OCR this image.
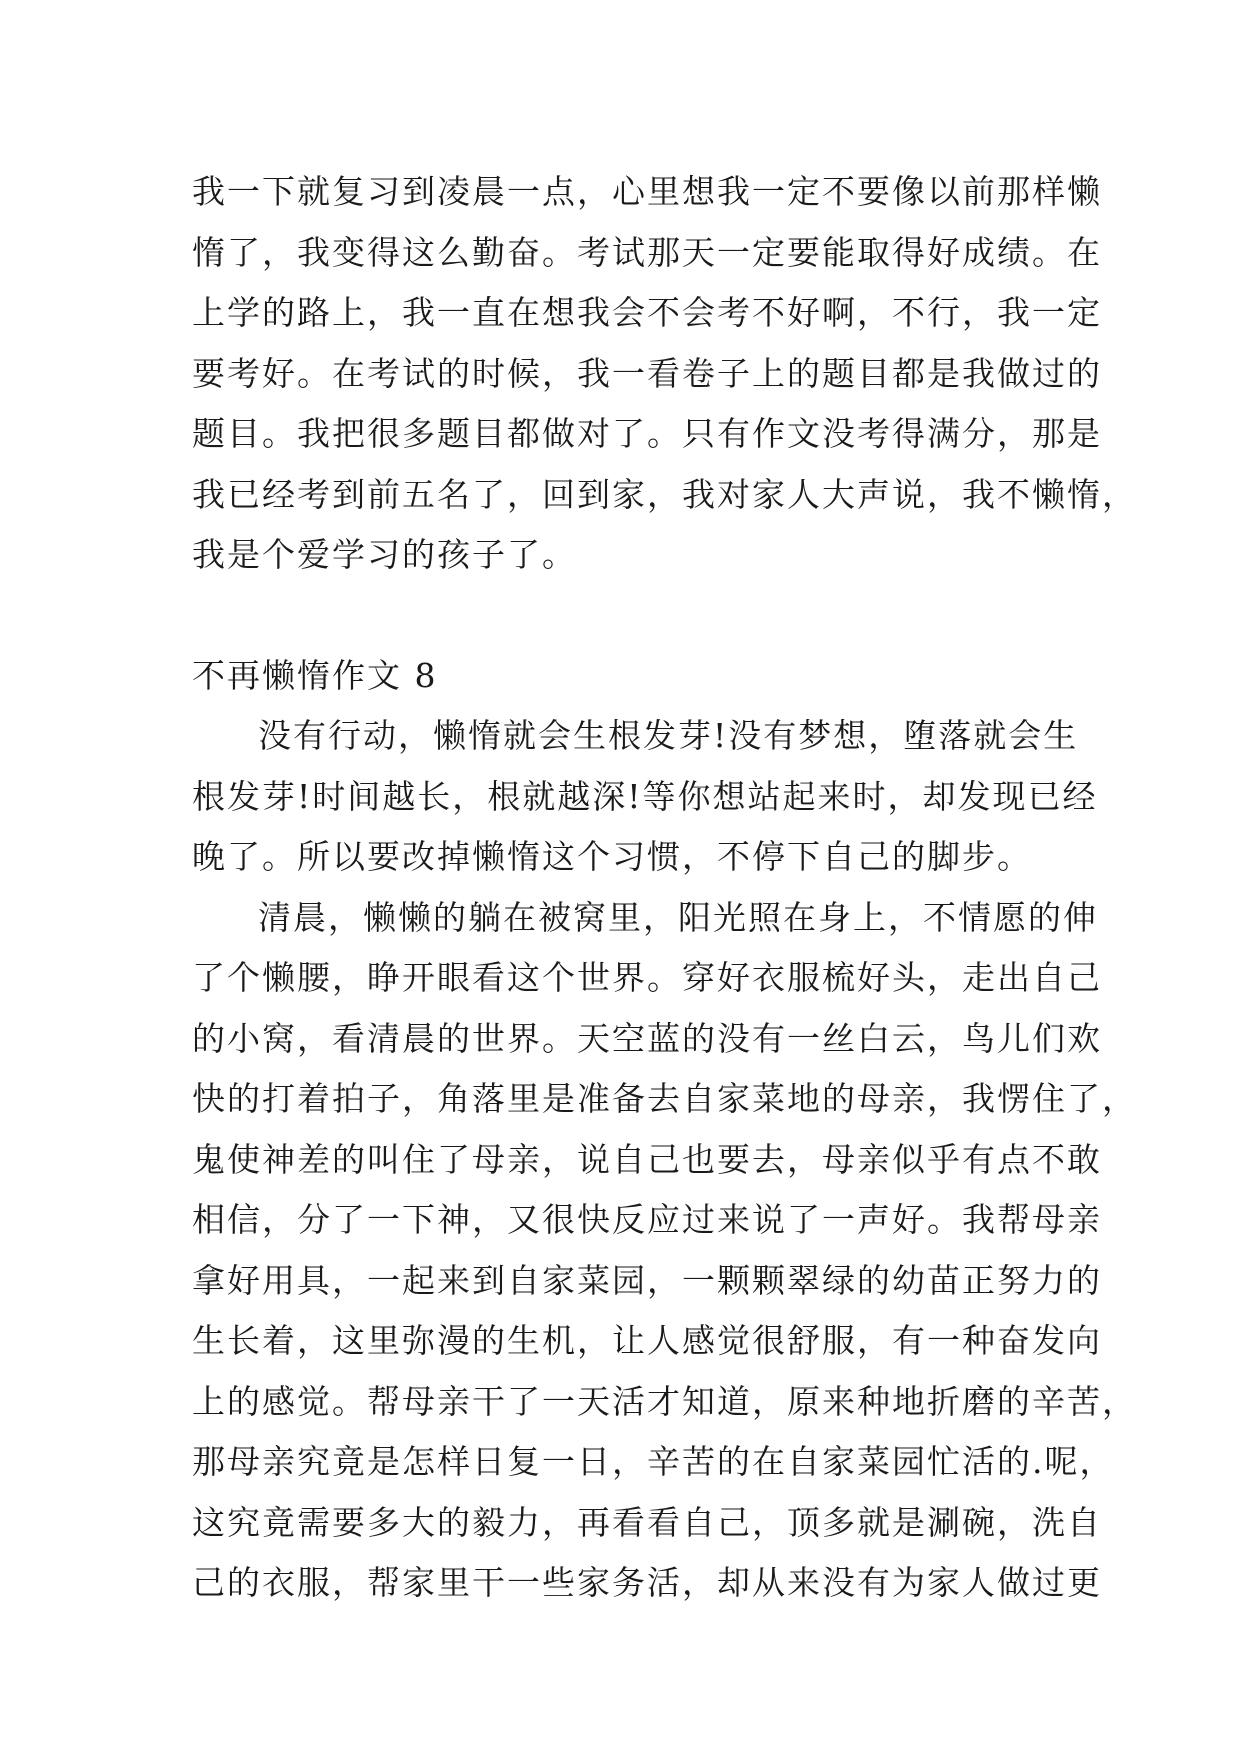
我一下就复习到凌晨一点，心里想我一定不要像以前那样懒
惰了，我变得这么勤奋。考试那天一定要能取得好成绩。在
上学的路上，我一直在想我会不会考不好啊，不行，我一定
要考好。在考试的时候，我一看卷子上的题目都是我做过的
题目。我把很多题目都做对了。只有作文没考得满分，那是
我已经考到前五名了，回到家，我对家人大声说，我不懒惰，
我是个爱学习的孩子了。
不再懒惰作文 8
没有行动，懒惰就会生根发芽!没有梦想，堕落就会生
根发芽!时间越长，根就越深!等你想站起来时，却发现已经
晚了。所以要改掉懒惰这个习惯，不停下自己的脚步。
清晨，懒懒的躺在被窝里，阳光照在身上，不情愿的伸
了个懒腰，睁开眼看这个世界。穿好衣服梳好头，走出自己
的小窝，看清晨的世界。天空蓝的没有一丝白云，鸟儿们欢
快的打着拍子，角落里是准备去自家菜地的母亲，我愣住了，
鬼使神差的叫住了母亲，说自己也要去，母亲似乎有点不敢
相信，分了一下神，又很快反应过来说了一声好。我帮母亲
拿好用具，一起来到自家菜园，一颗颗翠绿的幼苗正努力的
生长着，这里弥漫的生机，让人感觉很舒服，有一种奋发向
上的感觉。帮母亲干了一天活才知道，原来种地折磨的辛苦，
那母亲究竟是怎样日复一日，辛苦的在自家菜园忙活的.呢，
这究竟需要多大的毅力，再看看自己，顶多就是涮碗，洗自
己的衣服，帮家里干一些家务活，却从来没有为家人做过更
